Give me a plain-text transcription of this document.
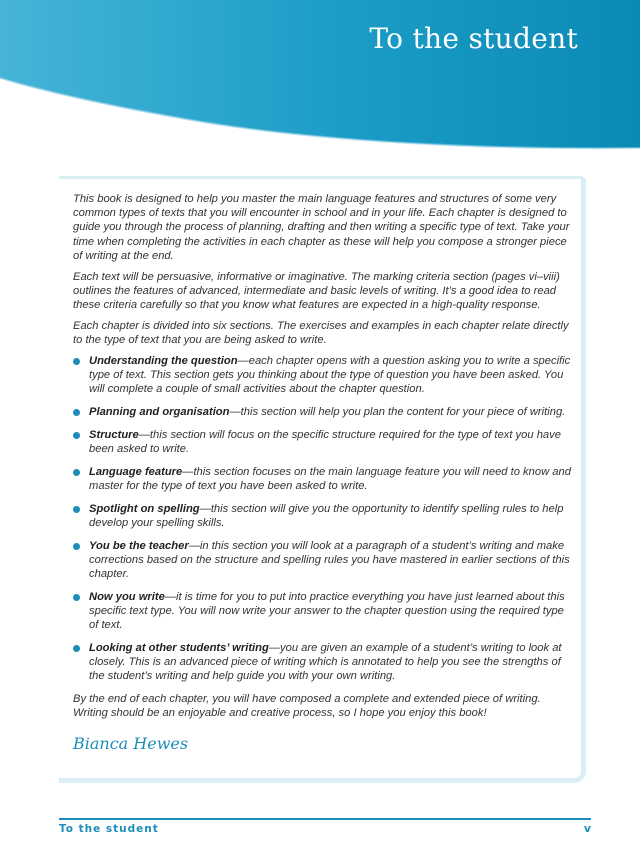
To the student

This book is designed to help you master the main language features and structures of some very common types of texts that you will encounter in school and in your life. Each chapter is designed to guide you through the process of planning, drafting and then writing a specific type of text. Take your time when completing the activities in each chapter as these will help you compose a stronger piece of writing at the end.

Each text will be persuasive, informative or imaginative. The marking criteria section (pages vi–viii) outlines the features of advanced, intermediate and basic levels of writing. It’s a good idea to read these criteria carefully so that you know what features are expected in a high-quality response.

Each chapter is divided into six sections. The exercises and examples in each chapter relate directly to the type of text that you are being asked to write.

Understanding the question—each chapter opens with a question asking you to write a specific type of text. This section gets you thinking about the type of question you have been asked. You will complete a couple of small activities about the chapter question.
Planning and organisation—this section will help you plan the content for your piece of writing.
Structure—this section will focus on the specific structure required for the type of text you have been asked to write.
Language feature—this section focuses on the main language feature you will need to know and master for the type of text you have been asked to write.
Spotlight on spelling—this section will give you the opportunity to identify spelling rules to help develop your spelling skills.
You be the teacher—in this section you will look at a paragraph of a student’s writing and make corrections based on the structure and spelling rules you have mastered in earlier sections of this chapter.
Now you write—it is time for you to put into practice everything you have just learned about this specific text type. You will now write your answer to the chapter question using the required type of text.
Looking at other students’ writing—you are given an example of a student’s writing to look at closely. This is an advanced piece of writing which is annotated to help you see the strengths of the student’s writing and help guide you with your own writing.

By the end of each chapter, you will have composed a complete and extended piece of writing. Writing should be an enjoyable and creative process, so I hope you enjoy this book!

Bianca Hewes
To the student	v
